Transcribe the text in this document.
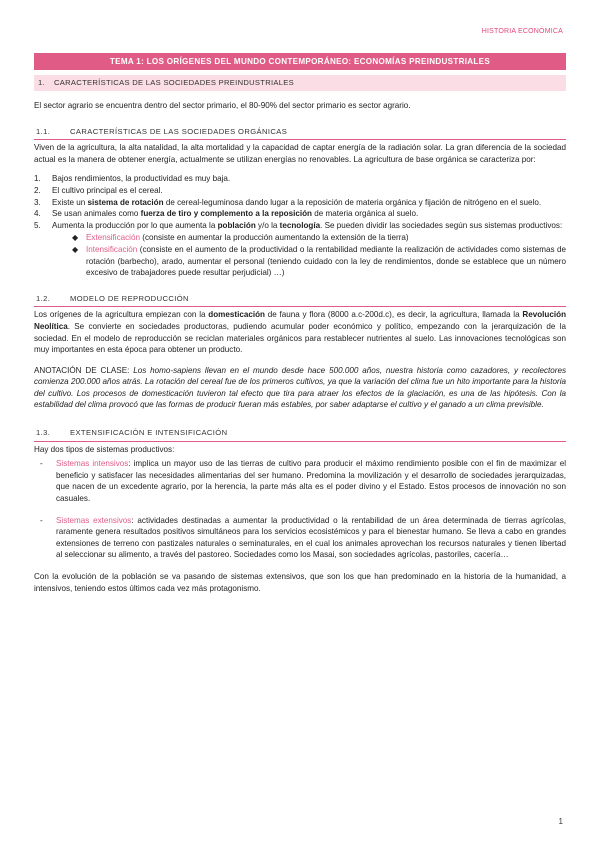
HISTORIA ECONÓMICA
TEMA 1: LOS ORÍGENES DEL MUNDO CONTEMPORÁNEO: ECONOMÍAS PREINDUSTRIALES
1. CARACTERÍSTICAS DE LAS SOCIEDADES PREINDUSTRIALES

El sector agrario se encuentra dentro del sector primario, el 80-90% del sector primario es sector agrario.

1.1.	CARACTERÍSTICAS DE LAS SOCIEDADES ORGÁNICAS

Viven de la agricultura, la alta natalidad, la alta mortalidad y la capacidad de captar energía de la radiación solar. La gran diferencia de la sociedad actual es la manera de obtener energía, actualmente se utilizan energías no renovables. La agricultura de base orgánica se caracteriza por:

1. Bajos rendimientos, la productividad es muy baja.
2. El cultivo principal es el cereal.
3. Existe un sistema de rotación de cereal-leguminosa dando lugar a la reposición de materia orgánica y fijación de nitrógeno en el suelo.
4. Se usan animales como fuerza de tiro y complemento a la reposición de materia orgánica al suelo.
5. Aumenta la producción por lo que aumenta la población y/o la tecnología. Se pueden dividir las sociedades según sus sistemas productivos:
◆ Extensificación (consiste en aumentar la producción aumentando la extensión de la tierra)
◆ Intensificación (consiste en el aumento de la productividad o la rentabilidad mediante la realización de actividades como sistemas de rotación (barbecho), arado, aumentar el personal (teniendo cuidado con la ley de rendimientos, donde se establece que un número excesivo de trabajadores puede resultar perjudicial) …)
1.2.	MODELO DE REPRODUCCIÓN

Los orígenes de la agricultura empiezan con la domesticación de fauna y flora (8000 a.c-200d.c), es decir, la agricultura, llamada la Revolución Neolítica. Se convierte en sociedades productoras, pudiendo acumular poder económico y político, empezando con la jerarquización de la sociedad. En el modelo de reproducción se reciclan materiales orgánicos para restablecer nutrientes al suelo. Las innovaciones tecnológicas son muy importantes en esta época para obtener un producto.

ANOTACIÓN DE CLASE: Los homo-sapiens llevan en el mundo desde hace 500.000 años, nuestra historia como cazadores, y recolectores comienza 200.000 años atrás. La rotación del cereal fue de los primeros cultivos, ya que la variación del clima fue un hito importante para la historia del cultivo. Los procesos de domesticación tuvieron tal efecto que tira para atraer los efectos de la glaciación, es una de las hipótesis. Con la estabilidad del clima provocó que las formas de producir fueran más estables, por saber adaptarse el cultivo y el ganado a un clima previsible.

1.3.	EXTENSIFICACIÓN E INTENSIFICACIÓN

Hay dos tipos de sistemas productivos:

- Sistemas intensivos: implica un mayor uso de las tierras de cultivo para producir el máximo rendimiento posible con el fin de maximizar el beneficio y satisfacer las necesidades alimentarias del ser humano. Predomina la movilización y el desarrollo de sociedades jerarquizadas, que nacen de un excedente agrario, por la herencia, la parte más alta es el poder divino y el Estado. Estos procesos de innovación no son casuales.
- Sistemas extensivos: actividades destinadas a aumentar la productividad o la rentabilidad de un área determinada de tierras agrícolas, raramente genera resultados positivos simultáneos para los servicios ecosistémicos y para el bienestar humano. Se lleva a cabo en grandes extensiones de terreno con pastizales naturales o seminaturales, en el cual los animales aprovechan los recursos naturales y tienen libertad al seleccionar su alimento, a través del pastoreo. Sociedades como los Masai, son sociedades agrícolas, pastoriles, cacería…

Con la evolución de la población se va pasando de sistemas extensivos, que son los que han predominado en la historia de la humanidad, a intensivos, teniendo estos últimos cada vez más protagonismo.

1
